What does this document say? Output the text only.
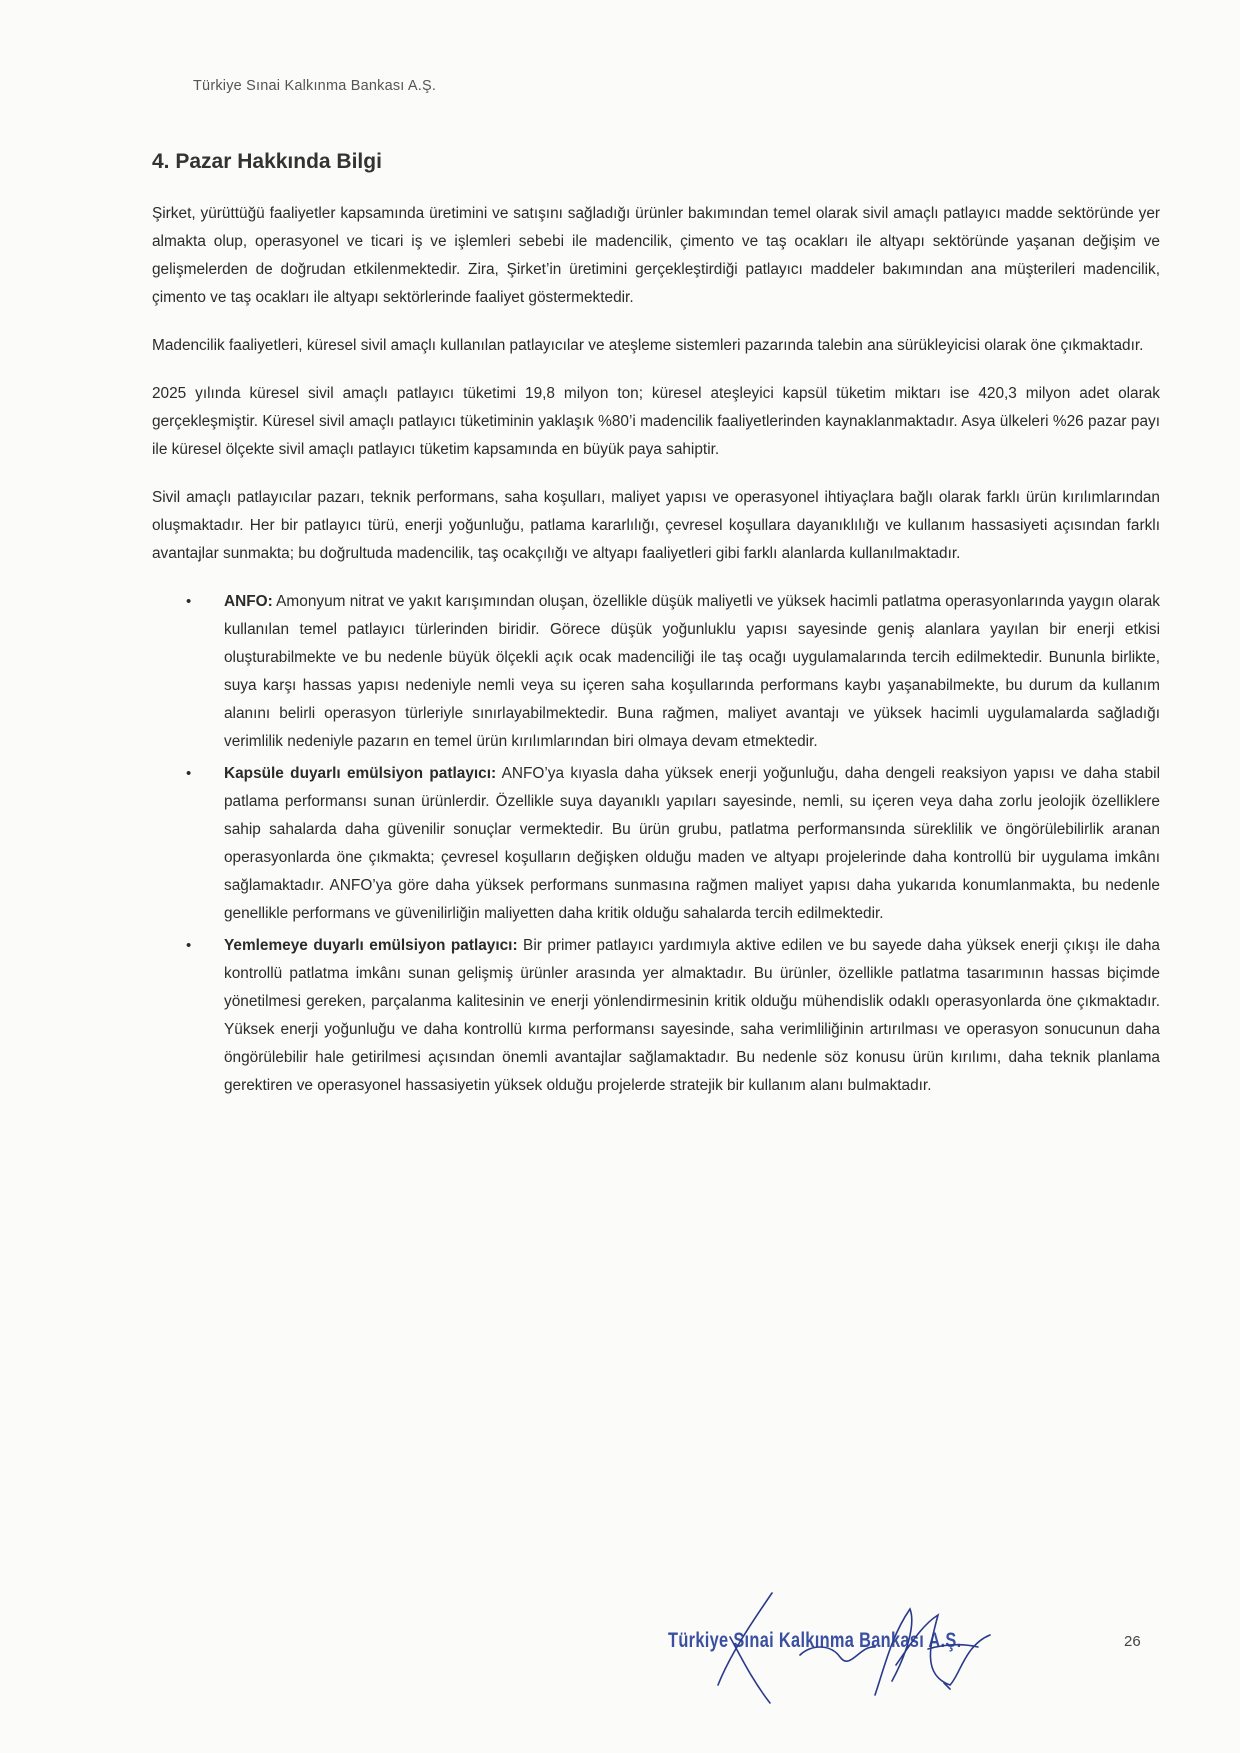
Türkiye Sınai Kalkınma Bankası A.Ş.
4. Pazar Hakkında Bilgi

Şirket, yürüttüğü faaliyetler kapsamında üretimini ve satışını sağladığı ürünler bakımından temel olarak sivil amaçlı patlayıcı madde sektöründe yer almakta olup, operasyonel ve ticari iş ve işlemleri sebebi ile madencilik, çimento ve taş ocakları ile altyapı sektöründe yaşanan değişim ve gelişmelerden de doğrudan etkilenmektedir. Zira, Şirket’in üretimini gerçekleştirdiği patlayıcı maddeler bakımından ana müşterileri madencilik, çimento ve taş ocakları ile altyapı sektörlerinde faaliyet göstermektedir.

Madencilik faaliyetleri, küresel sivil amaçlı kullanılan patlayıcılar ve ateşleme sistemleri pazarında talebin ana sürükleyicisi olarak öne çıkmaktadır.

2025 yılında küresel sivil amaçlı patlayıcı tüketimi 19,8 milyon ton; küresel ateşleyici kapsül tüketim miktarı ise 420,3 milyon adet olarak gerçekleşmiştir. Küresel sivil amaçlı patlayıcı tüketiminin yaklaşık %80’i madencilik faaliyetlerinden kaynaklanmaktadır. Asya ülkeleri %26 pazar payı ile küresel ölçekte sivil amaçlı patlayıcı tüketim kapsamında en büyük paya sahiptir.

Sivil amaçlı patlayıcılar pazarı, teknik performans, saha koşulları, maliyet yapısı ve operasyonel ihtiyaçlara bağlı olarak farklı ürün kırılımlarından oluşmaktadır. Her bir patlayıcı türü, enerji yoğunluğu, patlama kararlılığı, çevresel koşullara dayanıklılığı ve kullanım hassasiyeti açısından farklı avantajlar sunmakta; bu doğrultuda madencilik, taş ocakçılığı ve altyapı faaliyetleri gibi farklı alanlarda kullanılmaktadır.

• ANFO: Amonyum nitrat ve yakıt karışımından oluşan, özellikle düşük maliyetli ve yüksek hacimli patlatma operasyonlarında yaygın olarak kullanılan temel patlayıcı türlerinden biridir. Görece düşük yoğunluklu yapısı sayesinde geniş alanlara yayılan bir enerji etkisi oluşturabilmekte ve bu nedenle büyük ölçekli açık ocak madenciliği ile taş ocağı uygulamalarında tercih edilmektedir. Bununla birlikte, suya karşı hassas yapısı nedeniyle nemli veya su içeren saha koşullarında performans kaybı yaşanabilmekte, bu durum da kullanım alanını belirli operasyon türleriyle sınırlayabilmektedir. Buna rağmen, maliyet avantajı ve yüksek hacimli uygulamalarda sağladığı verimlilik nedeniyle pazarın en temel ürün kırılımlarından biri olmaya devam etmektedir.
• Kapsüle duyarlı emülsiyon patlayıcı: ANFO’ya kıyasla daha yüksek enerji yoğunluğu, daha dengeli reaksiyon yapısı ve daha stabil patlama performansı sunan ürünlerdir. Özellikle suya dayanıklı yapıları sayesinde, nemli, su içeren veya daha zorlu jeolojik özelliklere sahip sahalarda daha güvenilir sonuçlar vermektedir. Bu ürün grubu, patlatma performansında süreklilik ve öngörülebilirlik aranan operasyonlarda öne çıkmakta; çevresel koşulların değişken olduğu maden ve altyapı projelerinde daha kontrollü bir uygulama imkânı sağlamaktadır. ANFO’ya göre daha yüksek performans sunmasına rağmen maliyet yapısı daha yukarıda konumlanmakta, bu nedenle genellikle performans ve güvenilirliğin maliyetten daha kritik olduğu sahalarda tercih edilmektedir.
• Yemlemeye duyarlı emülsiyon patlayıcı: Bir primer patlayıcı yardımıyla aktive edilen ve bu sayede daha yüksek enerji çıkışı ile daha kontrollü patlatma imkânı sunan gelişmiş ürünler arasında yer almaktadır. Bu ürünler, özellikle patlatma tasarımının hassas biçimde yönetilmesi gereken, parçalanma kalitesinin ve enerji yönlendirmesinin kritik olduğu mühendislik odaklı operasyonlarda öne çıkmaktadır. Yüksek enerji yoğunluğu ve daha kontrollü kırma performansı sayesinde, saha verimliliğinin artırılması ve operasyon sonucunun daha öngörülebilir hale getirilmesi açısından önemli avantajlar sağlamaktadır. Bu nedenle söz konusu ürün kırılımı, daha teknik planlama gerektiren ve operasyonel hassasiyetin yüksek olduğu projelerde stratejik bir kullanım alanı bulmaktadır.
Türkiye Sınai Kalkınma Bankası A.Ş.	26
